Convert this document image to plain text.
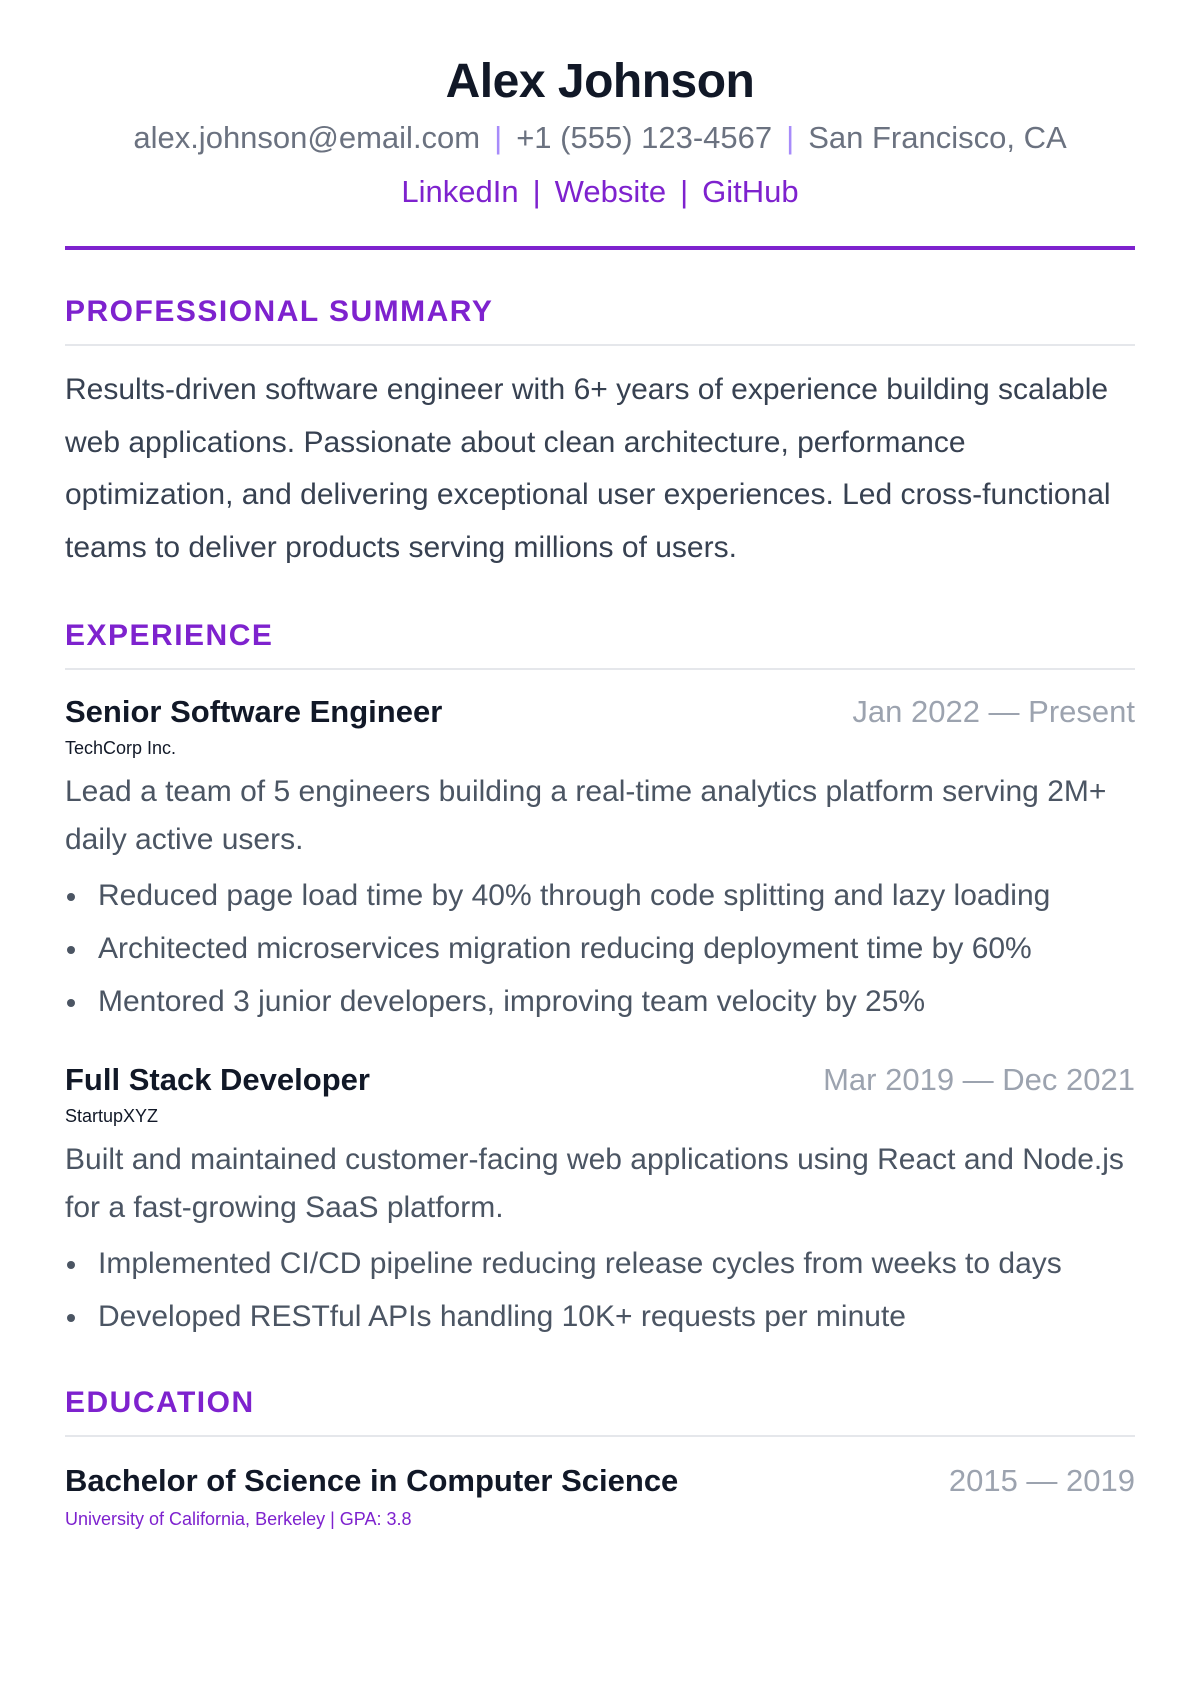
Alex Johnson
alex.johnson@email.com | +1 (555) 123-4567 | San Francisco, CA
LinkedIn | Website | GitHub
PROFESSIONAL SUMMARY

Results-driven software engineer with 6+ years of experience building scalable web applications. Passionate about clean architecture, performance optimization, and delivering exceptional user experiences. Led cross-functional teams to deliver products serving millions of users.

EXPERIENCE
Senior Software Engineer	Jan 2022 — Present
TechCorp Inc.

Lead a team of 5 engineers building a real-time analytics platform serving 2M+ daily active users.

Reduced page load time by 40% through code splitting and lazy loading
Architected microservices migration reducing deployment time by 60%
Mentored 3 junior developers, improving team velocity by 25%
Full Stack Developer	Mar 2019 — Dec 2021
StartupXYZ

Built and maintained customer-facing web applications using React and Node.js for a fast-growing SaaS platform.

Implemented CI/CD pipeline reducing release cycles from weeks to days
Developed RESTful APIs handling 10K+ requests per minute
EDUCATION
Bachelor of Science in Computer Science	2015 — 2019
University of California, Berkeley | GPA: 3.8
